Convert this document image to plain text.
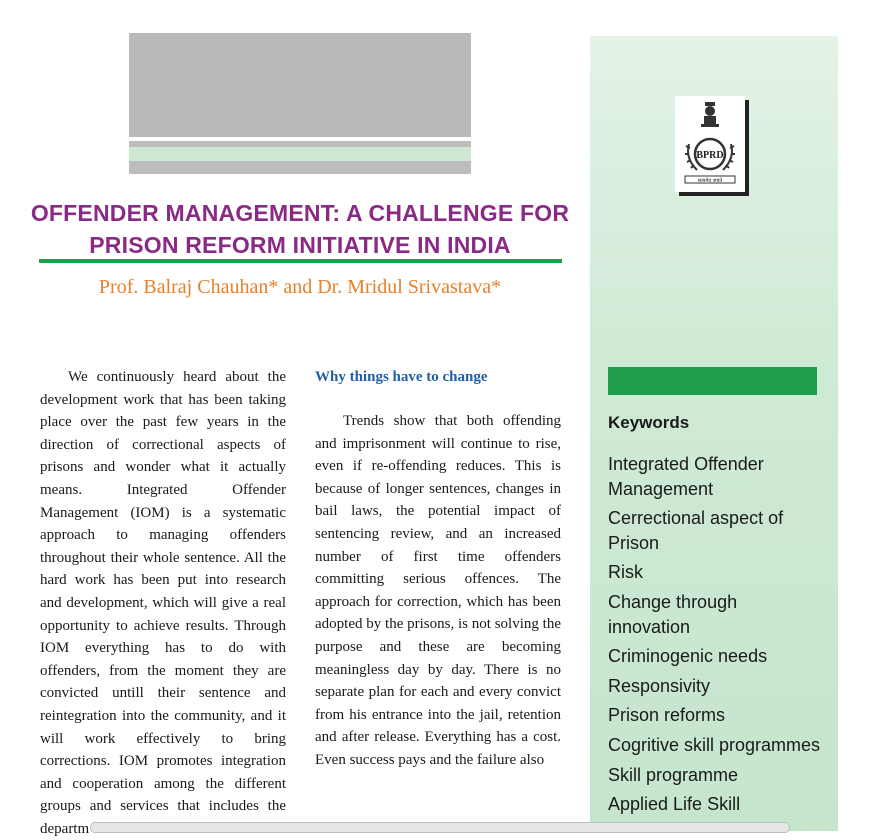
OFFENDER MANAGEMENT: A CHALLENGE FOR
PRISON REFORM INITIATIVE IN INDIA
Prof. Balraj Chauhan* and Dr. Mridul Srivastava*

We continuously heard about the development work that has been taking place over the past few years in the direction of correctional aspects of prisons and wonder what it actually means. Integrated Offender Management (IOM) is a systematic approach to managing offenders throughout their whole sentence. All the hard work has been put into research and development, which will give a real opportunity to achieve results. Through IOM everything has to do with offenders, from the moment they are convicted untill their sentence and reintegration into the community, and it will work effectively to bring corrections. IOM promotes integration and cooperation among the different groups and services that includes the departm

Why things have to change

Trends show that both offending and imprisonment will continue to rise, even if re-offending reduces. This is because of longer sentences, changes in bail laws, the potential impact of sentencing review, and an increased number of first time offenders committing serious offences. The approach for correction, which has been adopted by the prisons, is not solving the purpose and these are becoming meaningless day by day. There is no separate plan for each and every convict from his entrance into the jail, retention and after release. Everything has a cost. Even success pays and the failure also

BPRD
सत्यमेव जयते
Keywords
Integrated Offender Management
Cerrectional aspect of Prison
Risk
Change through innovation
Criminogenic needs
Responsivity
Prison reforms
Cogritive skill programmes
Skill programme
Applied Life Skill
